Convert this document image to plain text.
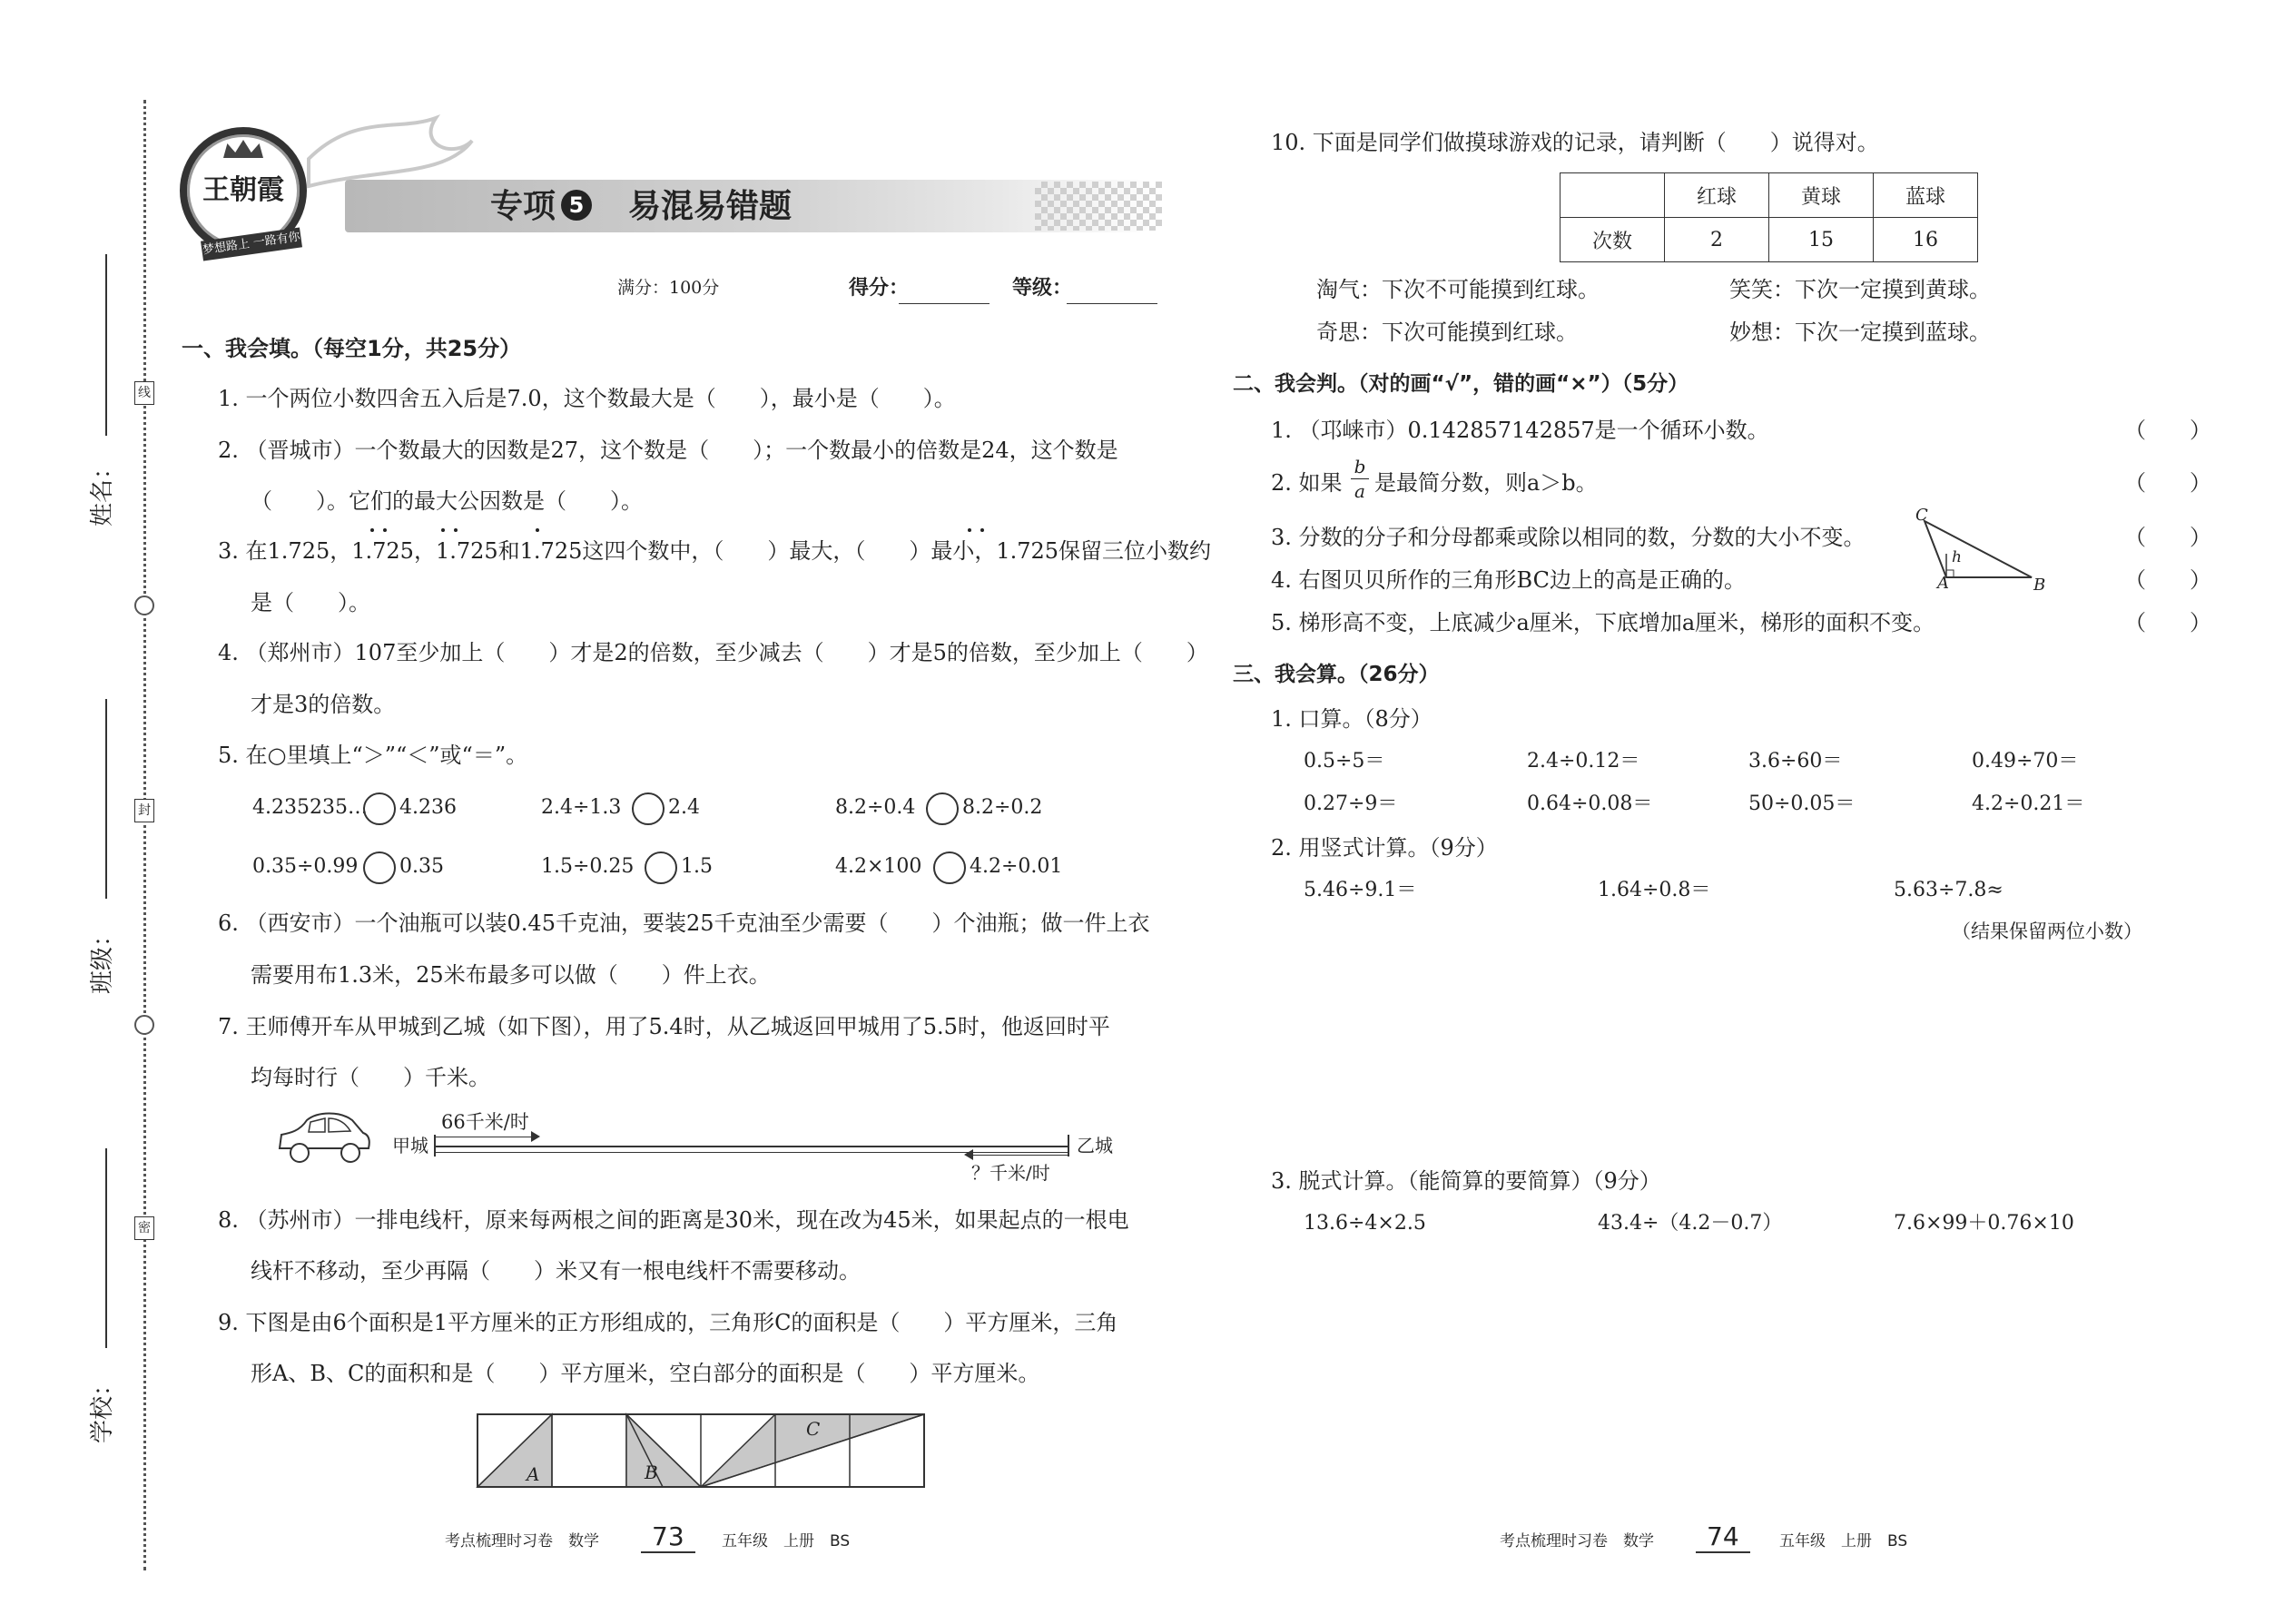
线
封
密
姓名：
班级：
学校：
王朝霞
梦想路上 一路有你
专项 5 易混易错题
满分：100分	得分：	等级：
一、我会填。（每空1分，共25分）
1. 一个两位小数四舍五入后是7.0，这个数最大是（　　），最小是（　　）。
2. （晋城市）一个数最大的因数是27，这个数是（　　）；一个数最小的倍数是24，这个数是
（　　）。它们的最大公因数是（　　）。
3. 在1.725，1.725，1.725和1.725这四个数中，（　　）最大，（　　）最小，1.725保留三位小数约
是（　　）。
4. （郑州市）107至少加上（　　）才是2的倍数，至少减去（　　）才是5的倍数，至少加上（　　）
才是3的倍数。
5. 在○里填上“＞”“＜”或“＝”。
4.235235… 4.236	2.4÷1.3 2.4	8.2÷0.4 8.2÷0.2
0.35÷0.99 0.35	1.5÷0.25 1.5	4.2×100 4.2÷0.01
6. （西安市）一个油瓶可以装0.45千克油，要装25千克油至少需要（　　）个油瓶；做一件上衣
需要用布1.3米，25米布最多可以做（　　）件上衣。
7. 王师傅开车从甲城到乙城（如下图），用了5.4时，从乙城返回甲城用了5.5时，他返回时平
均每时行（　　）千米。
甲城
66千米/时
乙城
？千米/时
8. （苏州市）一排电线杆，原来每两根之间的距离是30米，现在改为45米，如果起点的一根电
线杆不移动，至少再隔（　　）米又有一根电线杆不需要移动。
9. 下图是由6个面积是1平方厘米的正方形组成的，三角形C的面积是（　　）平方厘米，三角
形A、B、C的面积和是（　　）平方厘米，空白部分的面积是（　　）平方厘米。
A	B
C
考点梳理时习卷　数学	73	五年级　上册　BS
10. 下面是同学们做摸球游戏的记录，请判断（　　）说得对。
	红球	黄球	蓝球
次数	2	15	16
淘气：下次不可能摸到红球。	笑笑：下次一定摸到黄球。
奇思：下次可能摸到红球。	妙想：下次一定摸到蓝球。
二、我会判。（对的画“√”，错的画“×”）（5分）
1. （邛崃市）0.142857142857是一个循环小数。	（　　）
2. 如果
b
a 是最简分数，则a＞b。	（　　）
3. 分数的分子和分母都乘或除以相同的数，分数的大小不变。	（　　）
4. 右图贝贝所作的三角形BC边上的高是正确的。	（　　）
5. 梯形高不变，上底减少a厘米，下底增加a厘米，梯形的面积不变。	（　　）
C
h
A	B
三、我会算。（26分）
1. 口算。（8分）
0.5÷5＝	2.4÷0.12＝	3.6÷60＝	0.49÷70＝
0.27÷9＝	0.64÷0.08＝	50÷0.05＝	4.2÷0.21＝
2. 用竖式计算。（9分）
5.46÷9.1＝	1.64÷0.8＝	5.63÷7.8≈
（结果保留两位小数）
3. 脱式计算。（能简算的要简算）（9分）
13.6÷4×2.5	43.4÷（4.2－0.7）	7.6×99＋0.76×10
考点梳理时习卷　数学	74	五年级　上册　BS
